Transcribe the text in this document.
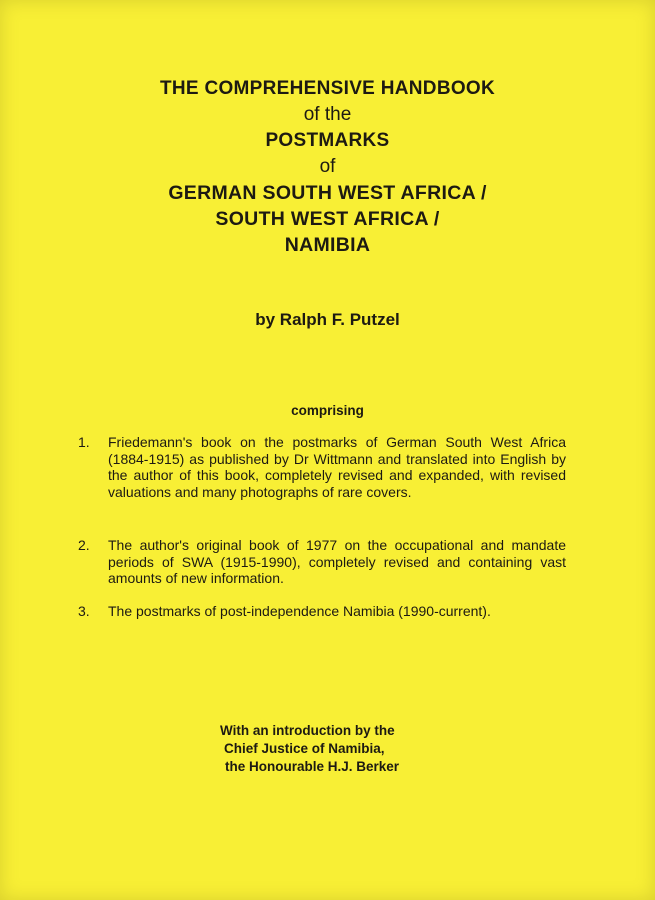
THE COMPREHENSIVE HANDBOOK
of the
POSTMARKS
of
GERMAN SOUTH WEST AFRICA /
SOUTH WEST AFRICA /
NAMIBIA
by Ralph F. Putzel
comprising
1. Friedemann's book on the postmarks of German South West Africa (1884-1915) as published by Dr Wittmann and translated into English by the author of this book, completely revised and expanded, with revised valuations and many photographs of rare covers.
2. The author's original book of 1977 on the occupational and mandate periods of SWA (1915-1990), completely revised and containing vast amounts of new information.
3. The postmarks of post-independence Namibia (1990-current).
With an introduction by the
Chief Justice of Namibia,
the Honourable H.J. Berker
